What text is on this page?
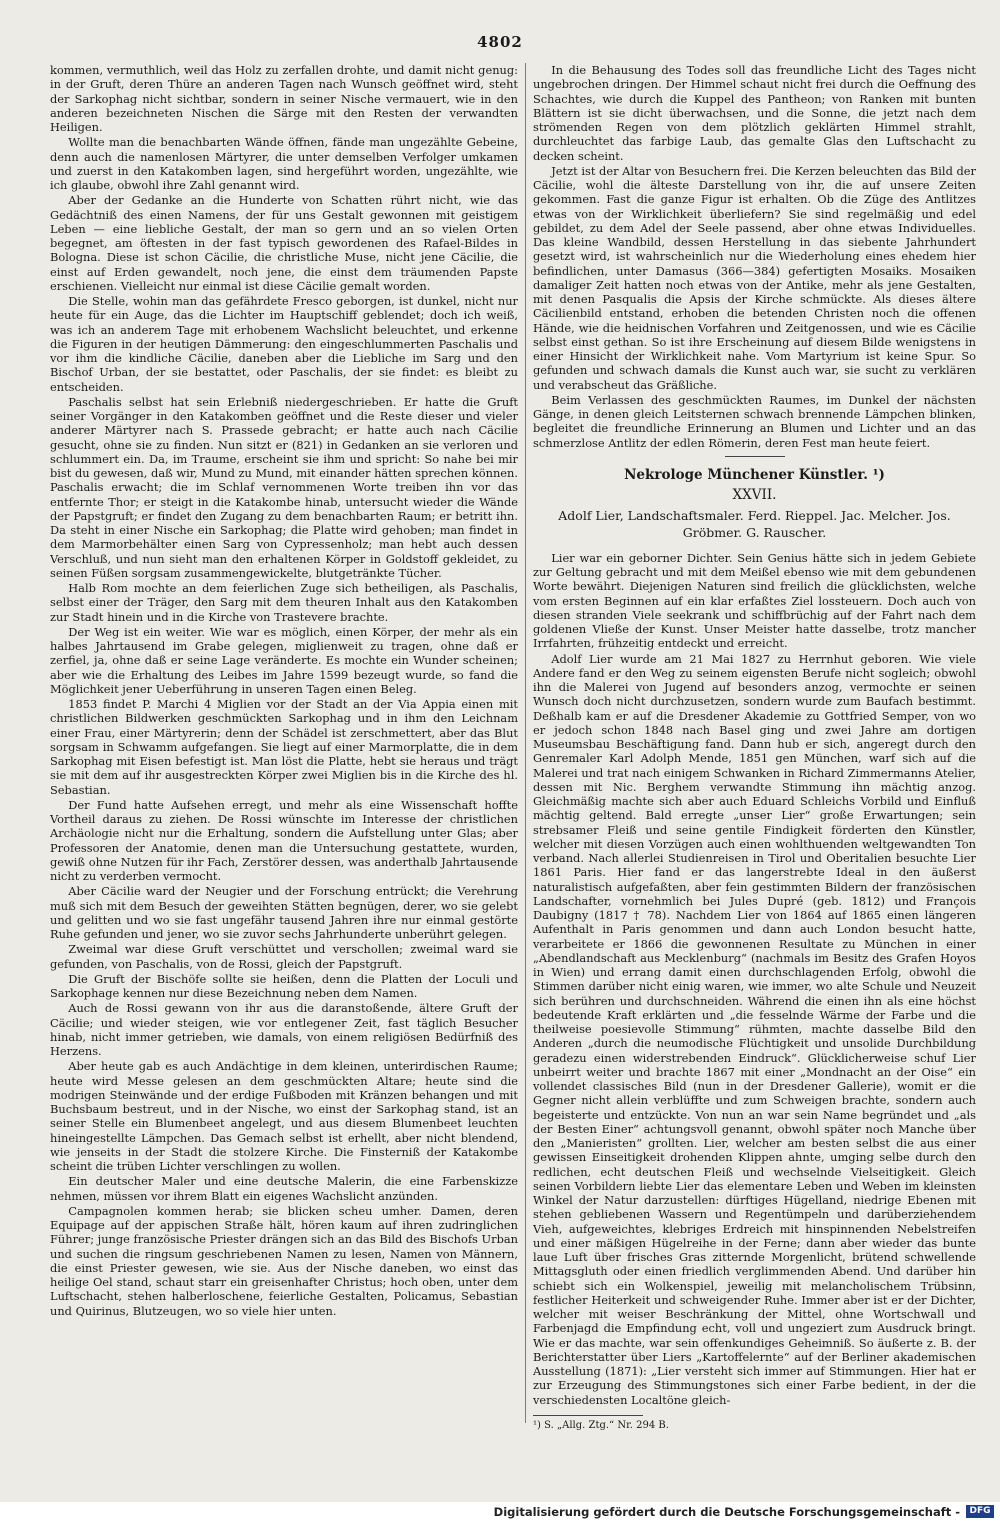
4802

kommen, vermuthlich, weil das Holz zu zerfallen drohte, und damit nicht genug: in der Gruft, deren Thüre an anderen Tagen nach Wunsch geöffnet wird, steht der Sarkophag nicht sichtbar, sondern in seiner Nische vermauert, wie in den anderen bezeichneten Nischen die Särge mit den Resten der verwandten Heiligen.

Wollte man die benachbarten Wände öffnen, fände man ungezählte Gebeine, denn auch die namenlosen Märtyrer, die unter demselben Verfolger umkamen und zuerst in den Katakomben lagen, sind hergeführt worden, ungezählte, wie ich glaube, obwohl ihre Zahl genannt wird.

Aber der Gedanke an die Hunderte von Schatten rührt nicht, wie das Gedächtniß des einen Namens, der für uns Gestalt gewonnen mit geistigem Leben — eine liebliche Gestalt, der man so gern und an so vielen Orten begegnet, am öftesten in der fast typisch gewordenen des Rafael-Bildes in Bologna. Diese ist schon Cäcilie, die christliche Muse, nicht jene Cäcilie, die einst auf Erden gewandelt, noch jene, die einst dem träumenden Papste erschienen. Vielleicht nur einmal ist diese Cäcilie gemalt worden.

Die Stelle, wohin man das gefährdete Fresco geborgen, ist dunkel, nicht nur heute für ein Auge, das die Lichter im Hauptschiff geblendet; doch ich weiß, was ich an anderem Tage mit erhobenem Wachslicht beleuchtet, und erkenne die Figuren in der heutigen Dämmerung: den eingeschlummerten Paschalis und vor ihm die kindliche Cäcilie, daneben aber die Liebliche im Sarg und den Bischof Urban, der sie bestattet, oder Paschalis, der sie findet: es bleibt zu entscheiden.

Paschalis selbst hat sein Erlebniß niedergeschrieben. Er hatte die Gruft seiner Vorgänger in den Katakomben geöffnet und die Reste dieser und vieler anderer Märtyrer nach S. Prassede gebracht; er hatte auch nach Cäcilie gesucht, ohne sie zu finden. Nun sitzt er (821) in Gedanken an sie verloren und schlummert ein. Da, im Traume, erscheint sie ihm und spricht: So nahe bei mir bist du gewesen, daß wir, Mund zu Mund, mit einander hätten sprechen können. Paschalis erwacht; die im Schlaf vernommenen Worte treiben ihn vor das entfernte Thor; er steigt in die Katakombe hinab, untersucht wieder die Wände der Papstgruft; er findet den Zugang zu dem benachbarten Raum; er betritt ihn. Da steht in einer Nische ein Sarkophag; die Platte wird gehoben; man findet in dem Marmorbehälter einen Sarg von Cypressenholz; man hebt auch dessen Verschluß, und nun sieht man den erhaltenen Körper in Goldstoff gekleidet, zu seinen Füßen sorgsam zusammengewickelte, blutgetränkte Tücher.

Halb Rom mochte an dem feierlichen Zuge sich betheiligen, als Paschalis, selbst einer der Träger, den Sarg mit dem theuren Inhalt aus den Katakomben zur Stadt hinein und in die Kirche von Trastevere brachte.

Der Weg ist ein weiter. Wie war es möglich, einen Körper, der mehr als ein halbes Jahrtausend im Grabe gelegen, miglienweit zu tragen, ohne daß er zerfiel, ja, ohne daß er seine Lage veränderte. Es mochte ein Wunder scheinen; aber wie die Erhaltung des Leibes im Jahre 1599 bezeugt wurde, so fand die Möglichkeit jener Ueberführung in unseren Tagen einen Beleg.

1853 findet P. Marchi 4 Miglien vor der Stadt an der Via Appia einen mit christlichen Bildwerken geschmückten Sarkophag und in ihm den Leichnam einer Frau, einer Märtyrerin; denn der Schädel ist zerschmettert, aber das Blut sorgsam in Schwamm aufgefangen. Sie liegt auf einer Marmorplatte, die in dem Sarkophag mit Eisen befestigt ist. Man löst die Platte, hebt sie heraus und trägt sie mit dem auf ihr ausgestreckten Körper zwei Miglien bis in die Kirche des hl. Sebastian.

Der Fund hatte Aufsehen erregt, und mehr als eine Wissenschaft hoffte Vortheil daraus zu ziehen. De Rossi wünschte im Interesse der christlichen Archäologie nicht nur die Erhaltung, sondern die Aufstellung unter Glas; aber Professoren der Anatomie, denen man die Untersuchung gestattete, wurden, gewiß ohne Nutzen für ihr Fach, Zerstörer dessen, was anderthalb Jahrtausende nicht zu verderben vermocht.

Aber Cäcilie ward der Neugier und der Forschung entrückt; die Verehrung muß sich mit dem Besuch der geweihten Stätten begnügen, derer, wo sie gelebt und gelitten und wo sie fast ungefähr tausend Jahren ihre nur einmal gestörte Ruhe gefunden und jener, wo sie zuvor sechs Jahrhunderte unberührt gelegen.

Zweimal war diese Gruft verschüttet und verschollen; zweimal ward sie gefunden, von Paschalis, von de Rossi, gleich der Papstgruft.

Die Gruft der Bischöfe sollte sie heißen, denn die Platten der Loculi und Sarkophage kennen nur diese Bezeichnung neben dem Namen.

Auch de Rossi gewann von ihr aus die daranstoßende, ältere Gruft der Cäcilie; und wieder steigen, wie vor entlegener Zeit, fast täglich Besucher hinab, nicht immer getrieben, wie damals, von einem religiösen Bedürfniß des Herzens.

Aber heute gab es auch Andächtige in dem kleinen, unterirdischen Raume; heute wird Messe gelesen an dem geschmückten Altare; heute sind die modrigen Steinwände und der erdige Fußboden mit Kränzen behangen und mit Buchsbaum bestreut, und in der Nische, wo einst der Sarkophag stand, ist an seiner Stelle ein Blumenbeet angelegt, und aus diesem Blumenbeet leuchten hineingestellte Lämpchen. Das Gemach selbst ist erhellt, aber nicht blendend, wie jenseits in der Stadt die stolzere Kirche. Die Finsterniß der Katakombe scheint die trüben Lichter verschlingen zu wollen.

Ein deutscher Maler und eine deutsche Malerin, die eine Farbenskizze nehmen, müssen vor ihrem Blatt ein eigenes Wachslicht anzünden.

Campagnolen kommen herab; sie blicken scheu umher. Damen, deren Equipage auf der appischen Straße hält, hören kaum auf ihren zudringlichen Führer; junge französische Priester drängen sich an das Bild des Bischofs Urban und suchen die ringsum geschriebenen Namen zu lesen, Namen von Männern, die einst Priester gewesen, wie sie. Aus der Nische daneben, wo einst das heilige Oel stand, schaut starr ein greisenhafter Christus; hoch oben, unter dem Luftschacht, stehen halberloschene, feierliche Gestalten, Policamus, Sebastian und Quirinus, Blutzeugen, wo so viele hier unten.

In die Behausung des Todes soll das freundliche Licht des Tages nicht ungebrochen dringen. Der Himmel schaut nicht frei durch die Oeffnung des Schachtes, wie durch die Kuppel des Pantheon; von Ranken mit bunten Blättern ist sie dicht überwachsen, und die Sonne, die jetzt nach dem strömenden Regen von dem plötzlich geklärten Himmel strahlt, durchleuchtet das farbige Laub, das gemalte Glas den Luftschacht zu decken scheint.

Jetzt ist der Altar von Besuchern frei. Die Kerzen beleuchten das Bild der Cäcilie, wohl die älteste Darstellung von ihr, die auf unsere Zeiten gekommen. Fast die ganze Figur ist erhalten. Ob die Züge des Antlitzes etwas von der Wirklichkeit überliefern? Sie sind regelmäßig und edel gebildet, zu dem Adel der Seele passend, aber ohne etwas Individuelles. Das kleine Wandbild, dessen Herstellung in das siebente Jahrhundert gesetzt wird, ist wahrscheinlich nur die Wiederholung eines ehedem hier befindlichen, unter Damasus (366—384) gefertigten Mosaiks. Mosaiken damaliger Zeit hatten noch etwas von der Antike, mehr als jene Gestalten, mit denen Pasqualis die Apsis der Kirche schmückte. Als dieses ältere Cäcilienbild entstand, erhoben die betenden Christen noch die offenen Hände, wie die heidnischen Vorfahren und Zeitgenossen, und wie es Cäcilie selbst einst gethan. So ist ihre Erscheinung auf diesem Bilde wenigstens in einer Hinsicht der Wirklichkeit nahe. Vom Martyrium ist keine Spur. So gefunden und schwach damals die Kunst auch war, sie sucht zu verklären und verabscheut das Gräßliche.

Beim Verlassen des geschmückten Raumes, im Dunkel der nächsten Gänge, in denen gleich Leitsternen schwach brennende Lämpchen blinken, begleitet die freundliche Erinnerung an Blumen und Lichter und an das schmerzlose Antlitz der edlen Römerin, deren Fest man heute feiert.

Nekrologe Münchener Künstler. ¹)
XXVII.
Adolf Lier, Landschaftsmaler. Ferd. Rieppel. Jac. Melcher. Jos. Gröbmer. G. Rauscher.

Lier war ein geborner Dichter. Sein Genius hätte sich in jedem Gebiete zur Geltung gebracht und mit dem Meißel ebenso wie mit dem gebundenen Worte bewährt. Diejenigen Naturen sind freilich die glücklichsten, welche vom ersten Beginnen auf ein klar erfaßtes Ziel lossteuern. Doch auch von diesen stranden Viele seekrank und schiffbrüchig auf der Fahrt nach dem goldenen Vließe der Kunst. Unser Meister hatte dasselbe, trotz mancher Irrfahrten, frühzeitig entdeckt und erreicht.

Adolf Lier wurde am 21 Mai 1827 zu Herrnhut geboren. Wie viele Andere fand er den Weg zu seinem eigensten Berufe nicht sogleich; obwohl ihn die Malerei von Jugend auf besonders anzog, vermochte er seinen Wunsch doch nicht durchzusetzen, sondern wurde zum Baufach bestimmt. Deßhalb kam er auf die Dresdener Akademie zu Gottfried Semper, von wo er jedoch schon 1848 nach Basel ging und zwei Jahre am dortigen Museumsbau Beschäftigung fand. Dann hub er sich, angeregt durch den Genremaler Karl Adolph Mende, 1851 gen München, warf sich auf die Malerei und trat nach einigem Schwanken in Richard Zimmermanns Atelier, dessen mit Nic. Berghem verwandte Stimmung ihn mächtig anzog. Gleichmäßig machte sich aber auch Eduard Schleichs Vorbild und Einfluß mächtig geltend. Bald erregte „unser Lier“ große Erwartungen; sein strebsamer Fleiß und seine gentile Findigkeit förderten den Künstler, welcher mit diesen Vorzügen auch einen wohlthuenden weltgewandten Ton verband. Nach allerlei Studienreisen in Tirol und Oberitalien besuchte Lier 1861 Paris. Hier fand er das langerstrebte Ideal in den äußerst naturalistisch aufgefaßten, aber fein gestimmten Bildern der französischen Landschafter, vornehmlich bei Jules Dupré (geb. 1812) und François Daubigny (1817 † 78). Nachdem Lier von 1864 auf 1865 einen längeren Aufenthalt in Paris genommen und dann auch London besucht hatte, verarbeitete er 1866 die gewonnenen Resultate zu München in einer „Abendlandschaft aus Mecklenburg“ (nachmals im Besitz des Grafen Hoyos in Wien) und errang damit einen durchschlagenden Erfolg, obwohl die Stimmen darüber nicht einig waren, wie immer, wo alte Schule und Neuzeit sich berühren und durchschneiden. Während die einen ihn als eine höchst bedeutende Kraft erklärten und „die fesselnde Wärme der Farbe und die theilweise poesievolle Stimmung“ rühmten, machte dasselbe Bild den Anderen „durch die neumodische Flüchtigkeit und unsolide Durchbildung geradezu einen widerstrebenden Eindruck“. Glücklicherweise schuf Lier unbeirrt weiter und brachte 1867 mit einer „Mondnacht an der Oise“ ein vollendet classisches Bild (nun in der Dresdener Gallerie), womit er die Gegner nicht allein verblüffte und zum Schweigen brachte, sondern auch begeisterte und entzückte. Von nun an war sein Name begründet und „als der Besten Einer“ achtungsvoll genannt, obwohl später noch Manche über den „Manieristen“ grollten. Lier, welcher am besten selbst die aus einer gewissen Einseitigkeit drohenden Klippen ahnte, umging selbe durch den redlichen, echt deutschen Fleiß und wechselnde Vielseitigkeit. Gleich seinen Vorbildern liebte Lier das elementare Leben und Weben im kleinsten Winkel der Natur darzustellen: dürftiges Hügelland, niedrige Ebenen mit stehen gebliebenen Wassern und Regentümpeln und darüberziehendem Vieh, aufgeweichtes, klebriges Erdreich mit hinspinnenden Nebelstreifen und einer mäßigen Hügelreihe in der Ferne; dann aber wieder das bunte laue Luft über frisches Gras zitternde Morgenlicht, brütend schwellende Mittagsgluth oder einen friedlich verglimmenden Abend. Und darüber hin schiebt sich ein Wolkenspiel, jeweilig mit melancholischem Trübsinn, festlicher Heiterkeit und schweigender Ruhe. Immer aber ist er der Dichter, welcher mit weiser Beschränkung der Mittel, ohne Wortschwall und Farbenjagd die Empfindung echt, voll und ungeziert zum Ausdruck bringt. Wie er das machte, war sein offenkundiges Geheimniß. So äußerte z. B. der Berichterstatter über Liers „Kartoffelernte“ auf der Berliner akademischen Ausstellung (1871): „Lier versteht sich immer auf Stimmungen. Hier hat er zur Erzeugung des Stimmungstones sich einer Farbe bedient, in der die verschiedensten Localtöne gleich-

¹) S. „Allg. Ztg.“ Nr. 294 B.
Digitalisierung gefördert durch die Deutsche Forschungsgemeinschaft -	DFG
